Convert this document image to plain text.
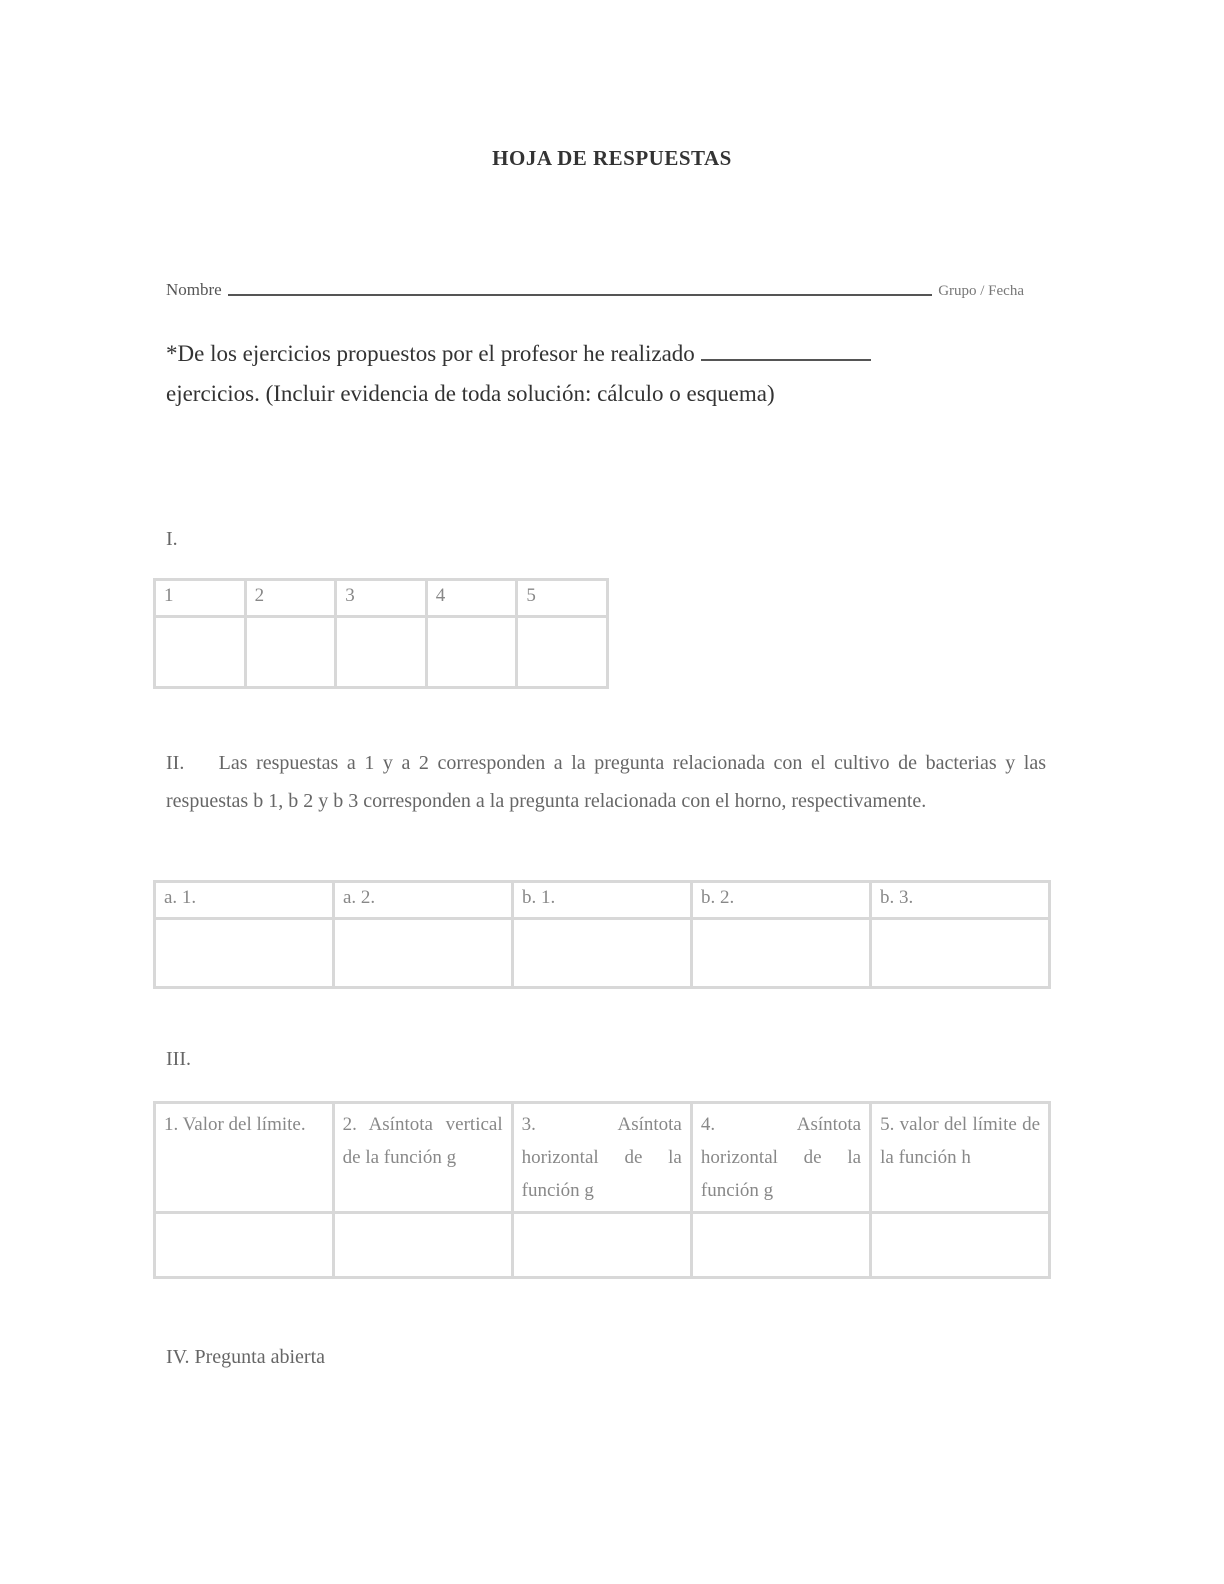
HOJA DE RESPUESTAS
Nombre	Grupo / Fecha
*De los ejercicios propuestos por el profesor he realizado
ejercicios. (Incluir evidencia de toda solución: cálculo o esquema)
I.
1	2	3	4	5

II. Las respuestas a 1 y a 2 corresponden a la pregunta relacionada con el cultivo de bacterias y las respuestas b 1, b 2 y b 3 corresponden a la pregunta relacionada con el horno, respectivamente.
a. 1.	a. 2.	b. 1.	b. 2.	b. 3.

III.
1. Valor del límite.	2. Asíntota vertical de la función g	3. Asíntota horizontal de la función g	4. Asíntota horizontal de la función g	5. valor del límite de la función h

IV. Pregunta abierta
